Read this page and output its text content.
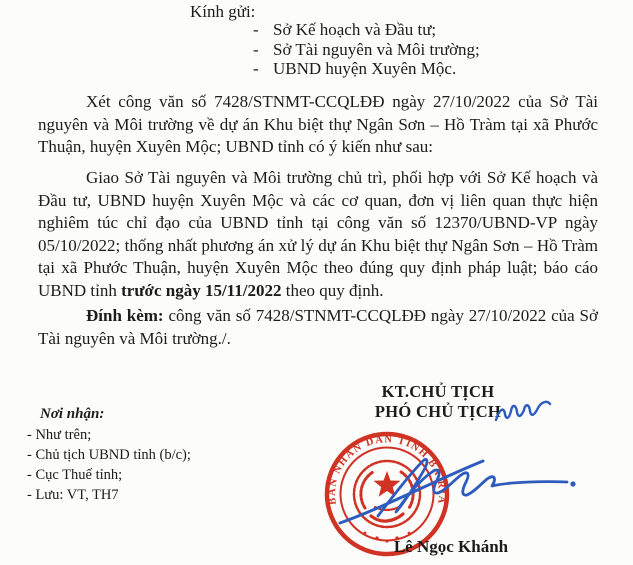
Kính gửi:
- Sở Kế hoạch và Đầu tư;
- Sở Tài nguyên và Môi trường;
- UBND huyện Xuyên Mộc.

Xét công văn số 7428/STNMT-CCQLĐĐ ngày 27/10/2022 của Sở Tài nguyên và Môi trường về dự án Khu biệt thự Ngân Sơn – Hồ Tràm tại xã Phước Thuận, huyện Xuyên Mộc; UBND tỉnh có ý kiến như sau:

Giao Sở Tài nguyên và Môi trường chủ trì, phối hợp với Sở Kế hoạch và Đầu tư, UBND huyện Xuyên Mộc và các cơ quan, đơn vị liên quan thực hiện nghiêm túc chỉ đạo của UBND tỉnh tại công văn số 12370/UBND-VP ngày 05/10/2022; thống nhất phương án xử lý dự án Khu biệt thự Ngân Sơn – Hồ Tràm tại xã Phước Thuận, huyện Xuyên Mộc theo đúng quy định pháp luật; báo cáo UBND tỉnh trước ngày 15/11/2022 theo quy định.

Đính kèm: công văn số 7428/STNMT-CCQLĐĐ ngày 27/10/2022 của Sở Tài nguyên và Môi trường./.

KT.CHỦ TỊCH
PHÓ CHỦ TỊCH
Nơi nhận:
- Như trên;
- Chủ tịch UBND tỉnh (b/c);
- Cục Thuế tỉnh;
- Lưu: VT, TH7	BAN NHÂN DÂN TỈNH BÀ RỊA
Lê Ngọc Khánh
